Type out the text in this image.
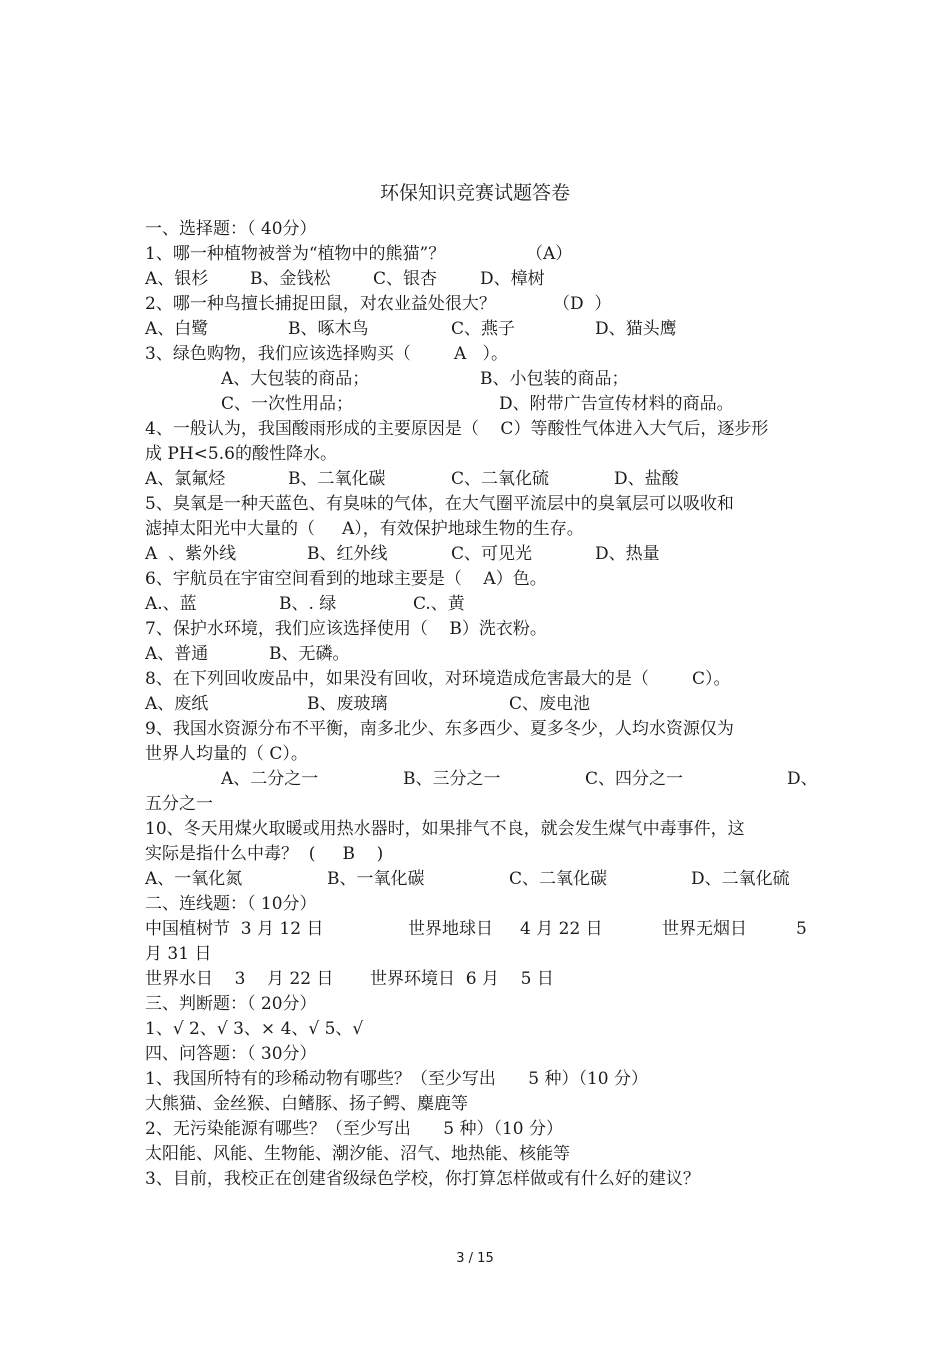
环保知识竞赛试题答卷
一、选择题：（ 40分）
1、哪一种植物被誉为“植物中的熊猫”？	（A）
A、银杉 B、金钱松	C、银杏	D、樟树
2、哪一种鸟擅长捕捉田鼠，对农业益处很大？	（D  ）
A、白鹭	B、啄木鸟	C、燕子	D、猫头鹰
3、绿色购物，我们应该选择购买（        A   ）。
A、大包装的商品；	B、小包装的商品；
C、一次性用品；	D、附带广告宣传材料的商品。
4、一般认为，我国酸雨形成的主要原因是（    C）等酸性气体进入大气后，逐步形
成 PH<5.6的酸性降水。
A、氯氟烃	B、二氧化碳	C、二氧化硫	D、盐酸
5、臭氧是一种天蓝色、有臭味的气体，在大气圈平流层中的臭氧层可以吸收和
滤掉太阳光中大量的（     A），有效保护地球生物的生存。
A  、紫外线	B、红外线	C、可见光	D、热量
6、宇航员在宇宙空间看到的地球主要是（    A）色。
A.、蓝	B、. 绿	C.、黄
7、保护水环境，我们应该选择使用（    B）洗衣粉。
A、普通	B、无磷。
8、在下列回收废品中，如果没有回收，对环境造成危害最大的是（        C）。
A、废纸	B、废玻璃	C、废电池
9、我国水资源分布不平衡，南多北少、东多西少、夏多冬少，人均水资源仅为
世界人均量的（ C）。
A、二分之一	B、三分之一	C、四分之一	D、
五分之一
10、冬天用煤火取暖或用热水器时，如果排气不良，就会发生煤气中毒事件，这
实际是指什么中毒？  (     B    )
A、一氧化氮	B、一氧化碳	C、二氧化碳	D、二氧化硫
二、连线题：（ 10分）
中国植树节  3 月 12 日	世界地球日     4 月 22 日	世界无烟日	5
月 31 日
世界水日    3    月 22 日 世界环境日  6 月    5 日
三、判断题：（ 20分）
1、√ 2、√ 3、× 4、√ 5、√
四、问答题：（ 30分）
1、我国所特有的珍稀动物有哪些？（至少写出      5 种）（10 分）
大熊猫、金丝猴、白鳍豚、扬子鳄、麋鹿等
2、无污染能源有哪些？（至少写出      5 种）（10 分）
太阳能、风能、生物能、潮汐能、沼气、地热能、核能等
3、目前，我校正在创建省级绿色学校，你打算怎样做或有什么好的建议？
3 / 15
